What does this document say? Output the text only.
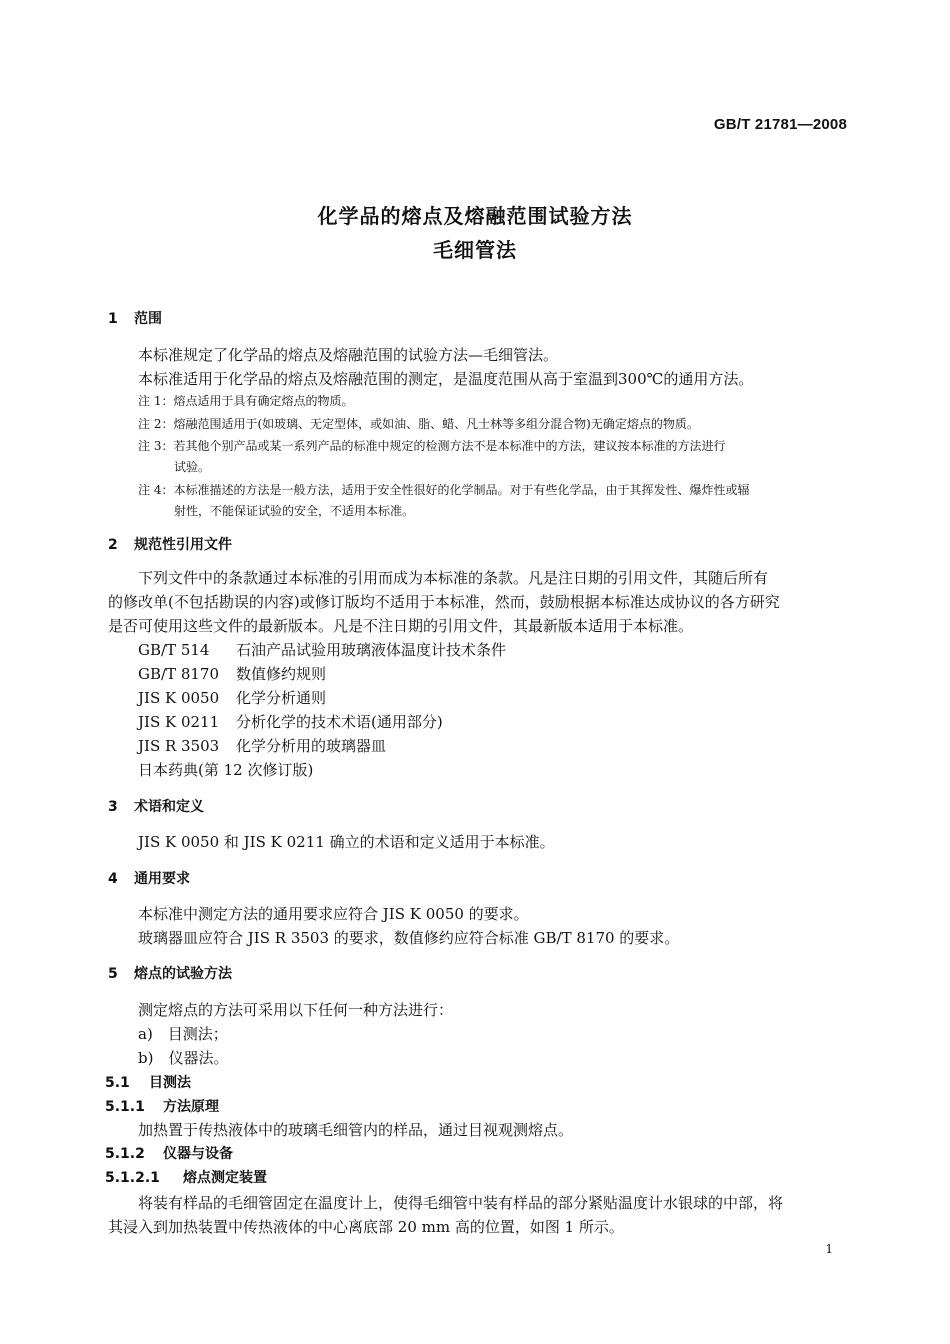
GB/T 21781—2008
化学品的熔点及熔融范围试验方法
毛细管法
1 范围
本标准规定了化学品的熔点及熔融范围的试验方法—毛细管法。
本标准适用于化学品的熔点及熔融范围的测定，是温度范围从高于室温到300℃的通用方法。
注 1：熔点适用于具有确定熔点的物质。
注 2：熔融范围适用于(如玻璃、无定型体，或如油、脂、蜡、凡士林等多组分混合物)无确定熔点的物质。
注 3：若其他个别产品或某一系列产品的标准中规定的检测方法不是本标准中的方法，建议按本标准的方法进行
试验。
注 4：本标准描述的方法是一般方法，适用于安全性很好的化学制品。对于有些化学品，由于其挥发性、爆炸性或辐
射性，不能保证试验的安全，不适用本标准。
2 规范性引用文件
下列文件中的条款通过本标准的引用而成为本标准的条款。凡是注日期的引用文件，其随后所有
的修改单(不包括勘误的内容)或修订版均不适用于本标准，然而，鼓励根据本标准达成协议的各方研究
是否可使用这些文件的最新版本。凡是不注日期的引用文件，其最新版本适用于本标准。
GB/T 514 石油产品试验用玻璃液体温度计技术条件
GB/T 8170 数值修约规则
JIS K 0050 化学分析通则
JIS K 0211 分析化学的技术术语(通用部分)
JIS R 3503 化学分析用的玻璃器皿
日本药典(第 12 次修订版)
3 术语和定义
JIS K 0050 和 JIS K 0211 确立的术语和定义适用于本标准。
4 通用要求
本标准中测定方法的通用要求应符合 JIS K 0050 的要求。
玻璃器皿应符合 JIS R 3503 的要求，数值修约应符合标准 GB/T 8170 的要求。
5 熔点的试验方法
测定熔点的方法可采用以下任何一种方法进行：
a)　目测法；
b)　仪器法。
5.1 目测法
5.1.1 方法原理
加热置于传热液体中的玻璃毛细管内的样品，通过目视观测熔点。
5.1.2 仪器与设备
5.1.2.1 熔点测定装置
将装有样品的毛细管固定在温度计上，使得毛细管中装有样品的部分紧贴温度计水银球的中部，将
其浸入到加热装置中传热液体的中心离底部 20 mm 高的位置，如图 1 所示。
1
